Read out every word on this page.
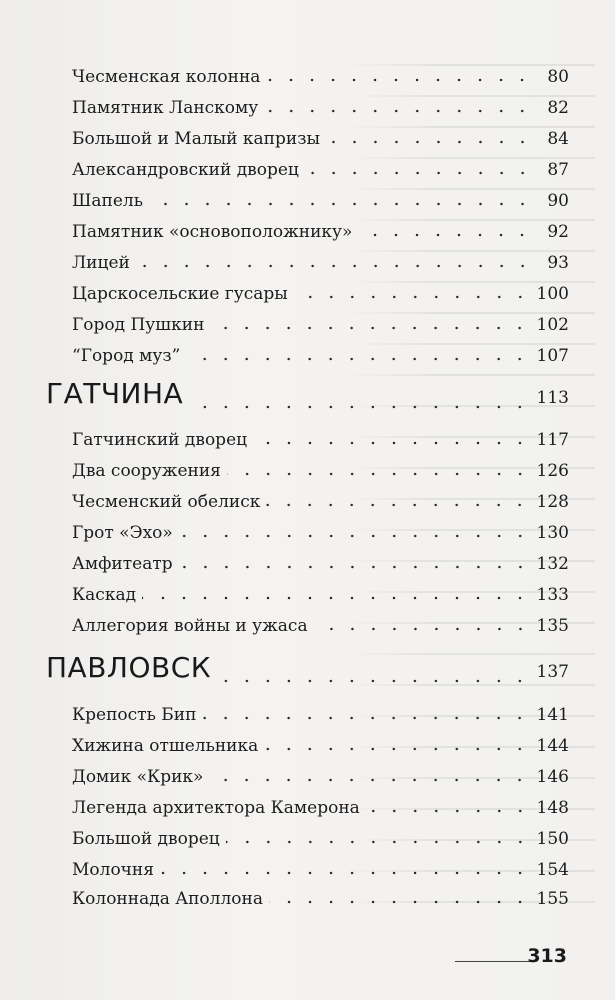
Чесменская колонна	80
Памятник Ланскому	82
Большой и Малый капризы	84
Александровский дворец	87
Шапель	90
Памятник «основоположнику»	92
Лицей	93
Царскосельские гусары	100
Город Пушкин	102
“Город муз”	107
ГАТЧИНА	113
Гатчинский дворец	117
Два сооружения	126
Чесменский обелиск	128
Грот «Эхо»	130
Амфитеатр	132
Каскад	133
Аллегория войны и ужаса	135
ПАВЛОВСК	137
Крепость Бип	141
Хижина отшельника	144
Домик «Крик»	146
Легенда архитектора Камерона	148
Большой дворец	150
Молочня	154
Колоннада Аполлона	155
313
